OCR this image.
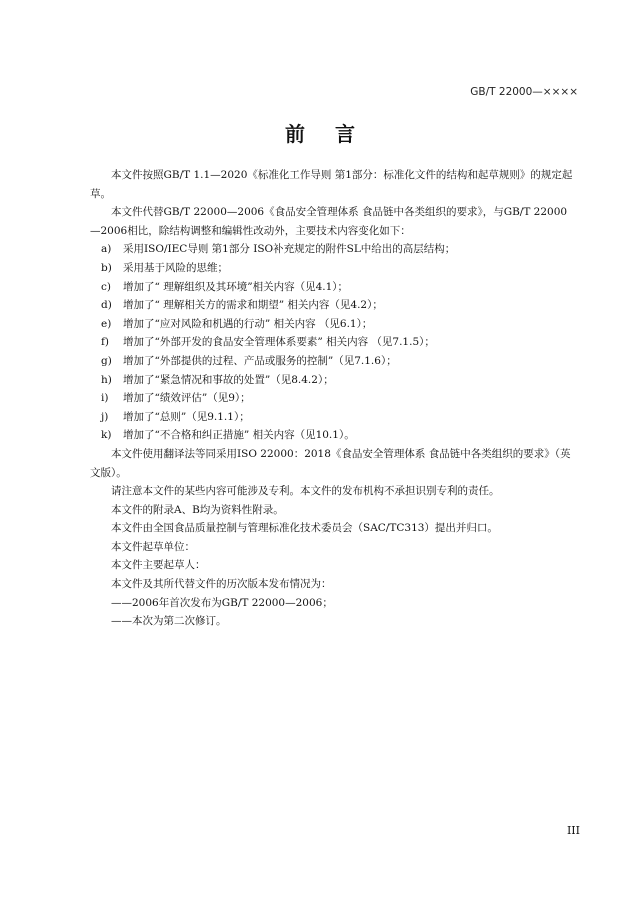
GB/T 22000—××××
前 言

本文件按照GB/T 1.1—2020《标准化工作导则 第1部分：标准化文件的结构和起草规则》的规定起草。

本文件代替GB/T 22000—2006《食品安全管理体系 食品链中各类组织的要求》，与GB/T 22000—2006相比，除结构调整和编辑性改动外，主要技术内容变化如下：

a)	采用ISO/IEC导则 第1部分 ISO补充规定的附件SL中给出的高层结构；
b)	采用基于风险的思维；
c)	增加了“ 理解组织及其环境”相关内容（见4.1）；
d)	增加了“ 理解相关方的需求和期望” 相关内容（见4.2）；
e)	增加了“应对风险和机遇的行动” 相关内容 （见6.1）；
f)	增加了“外部开发的食品安全管理体系要素” 相关内容 （见7.1.5）；
g)	增加了“外部提供的过程、产品或服务的控制”（见7.1.6）；
h)	增加了“紧急情况和事故的处置”（见8.4.2）；
i)	增加了“绩效评估”（见9）；
j)	增加了“总则”（见9.1.1）；
k)	增加了“不合格和纠正措施” 相关内容（见10.1）。

本文件使用翻译法等同采用ISO 22000：2018《食品安全管理体系 食品链中各类组织的要求》（英文版）。

请注意本文件的某些内容可能涉及专利。本文件的发布机构不承担识别专利的责任。

本文件的附录A、B均为资料性附录。

本文件由全国食品质量控制与管理标准化技术委员会（SAC/TC313）提出并归口。

本文件起草单位：

本文件主要起草人：

本文件及其所代替文件的历次版本发布情况为：

——2006年首次发布为GB/T 22000—2006；

——本次为第二次修订。

III
